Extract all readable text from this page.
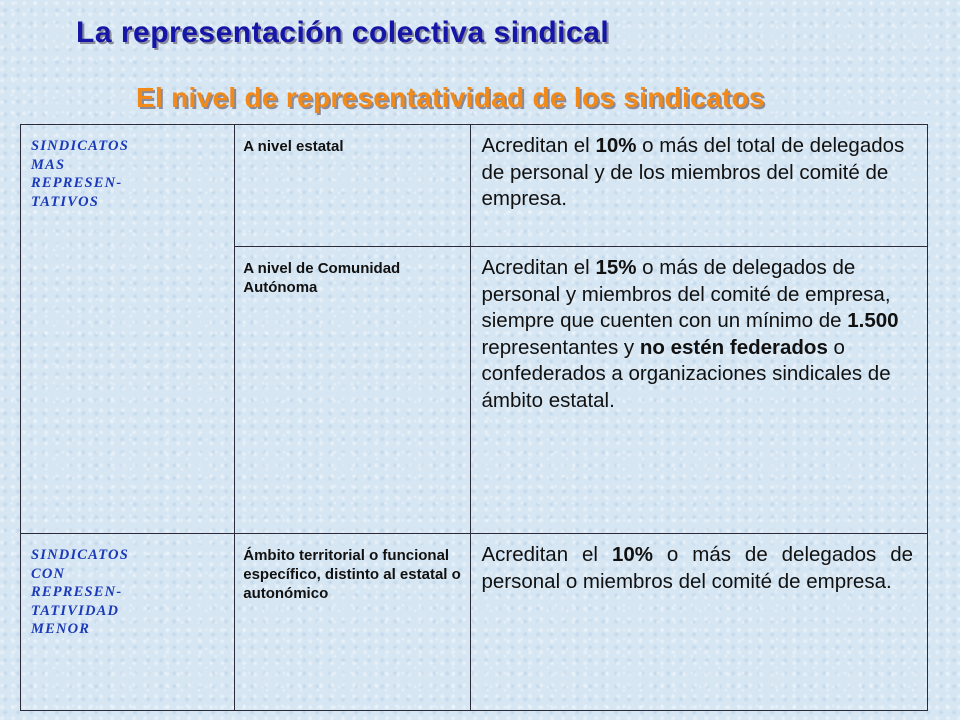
La representación colectiva sindical
El nivel de representatividad de los sindicatos
SINDICATOS
MAS
REPRESEN-
TATIVOS	A nivel estatal	Acreditan el 10% o más del total de delegados de personal y de los miembros del comité de empresa.

	A nivel de Comunidad Autónoma	Acreditan el 15% o más de delegados de personal y miembros del comité de empresa, siempre que cuenten con un mínimo de 1.500 representantes y no estén federados o confederados a organizaciones sindicales de ámbito estatal.

SINDICATOS
CON
REPRESEN-
TATIVIDAD
MENOR	Ámbito territorial o funcional específico, distinto al estatal o autonómico	Acreditan el 10% o más de delegados de personal o miembros del comité de empresa.
